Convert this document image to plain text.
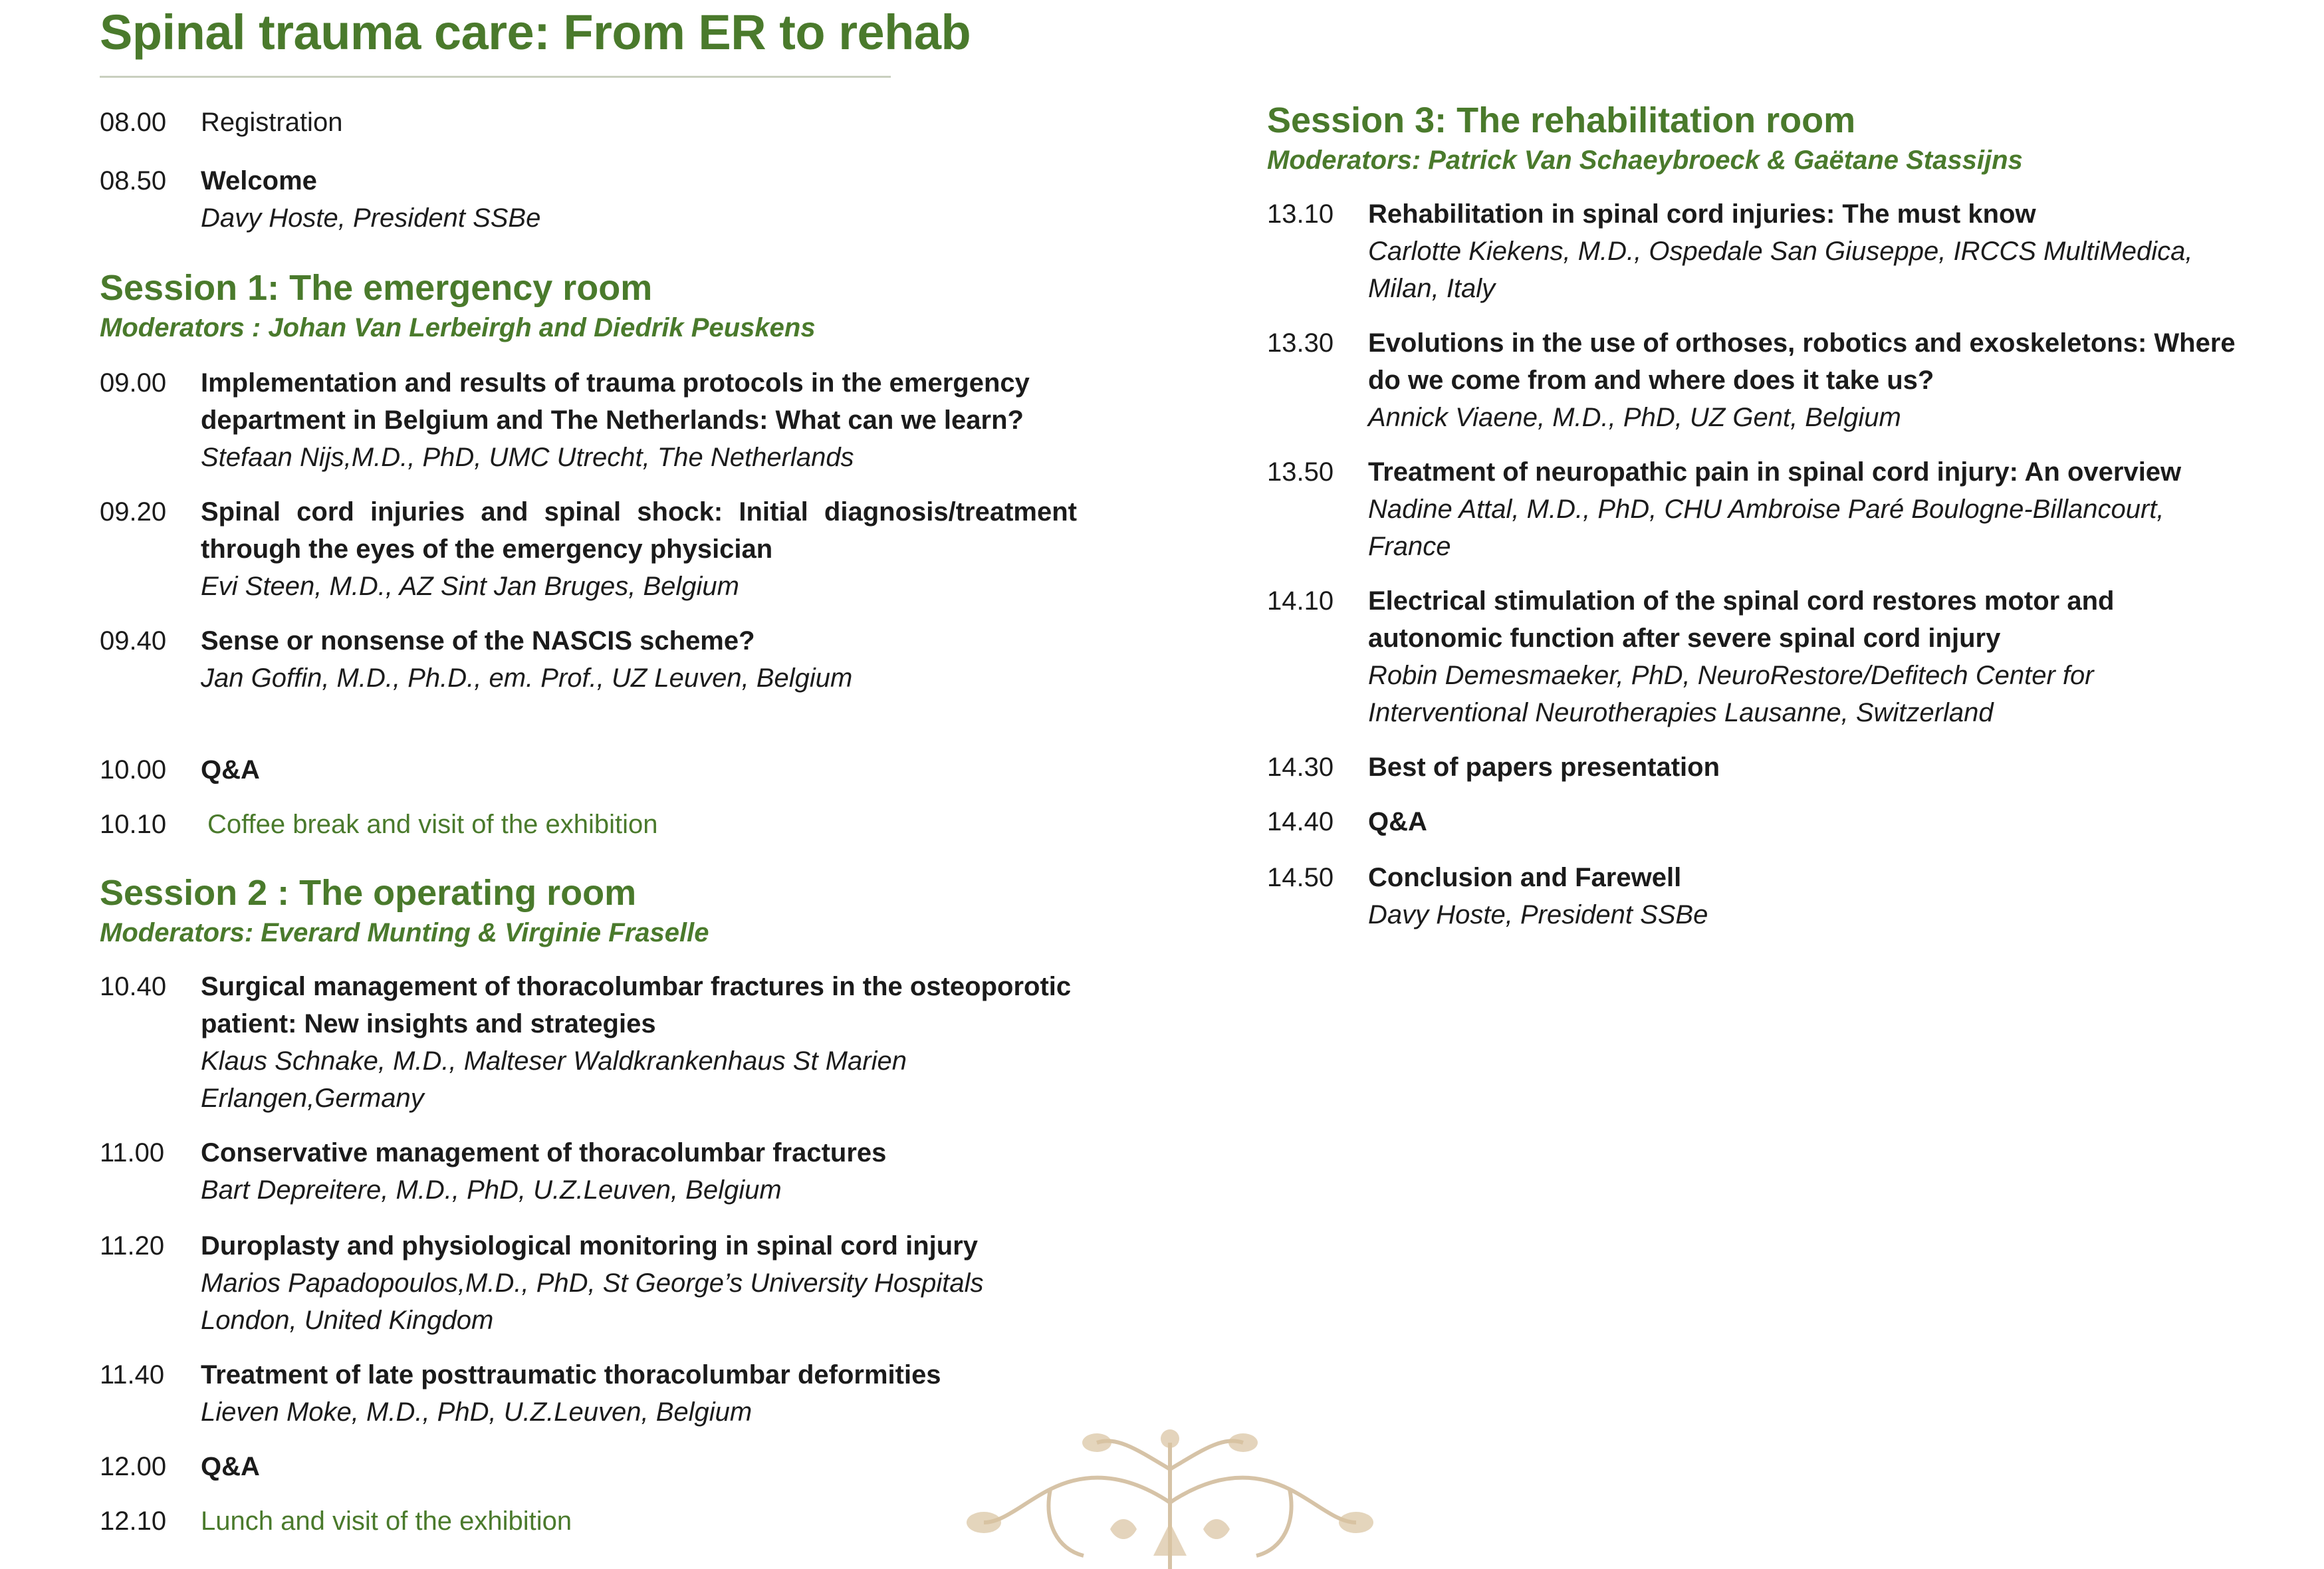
Spinal trauma care: From ER to rehab
08.00	Registration
08.50	Welcome
Davy Hoste, President SSBe
Session 1: The emergency room
Moderators : Johan Van Lerbeirgh and Diedrik Peuskens
09.00	Implementation and results of trauma protocols in the emergency department in Belgium and The Netherlands: What can we learn?
Stefaan Nijs,M.D., PhD, UMC Utrecht, The Netherlands
09.20	Spinal cord injuries and spinal shock: Initial diagnosis/treatment through the eyes of the emergency physician
Evi Steen, M.D., AZ Sint Jan Bruges, Belgium
09.40	Sense or nonsense of the NASCIS scheme?
Jan Goffin, M.D., Ph.D., em. Prof., UZ Leuven, Belgium
10.00	Q&A
10.10	Coffee break and visit of the exhibition
Session 2 : The operating room
Moderators: Everard Munting & Virginie Fraselle
10.40	Surgical management of thoracolumbar fractures in the osteoporotic patient: New insights and strategies
Klaus Schnake, M.D., Malteser Waldkrankenhaus St Marien Erlangen,Germany
11.00	Conservative management of thoracolumbar fractures
Bart Depreitere, M.D., PhD, U.Z.Leuven, Belgium
11.20	Duroplasty and physiological monitoring in spinal cord injury
Marios Papadopoulos,M.D., PhD, St George’s University Hospitals London, United Kingdom
11.40	Treatment of late posttraumatic thoracolumbar deformities
Lieven Moke, M.D., PhD, U.Z.Leuven, Belgium
12.00	Q&A
12.10	Lunch and visit of the exhibition
Session 3: The rehabilitation room
Moderators: Patrick Van Schaeybroeck & Gaëtane Stassijns
13.10	Rehabilitation in spinal cord injuries: The must know
Carlotte Kiekens, M.D., Ospedale San Giuseppe, IRCCS MultiMedica, Milan, Italy
13.30	Evolutions in the use of orthoses, robotics and exoskeletons: Where do we come from and where does it take us?
Annick Viaene, M.D., PhD, UZ Gent, Belgium
13.50	Treatment of neuropathic pain in spinal cord injury: An overview
Nadine Attal, M.D., PhD, CHU Ambroise Paré Boulogne-Billancourt, France
14.10	Electrical stimulation of the spinal cord restores motor and autonomic function after severe spinal cord injury
Robin Demesmaeker, PhD, NeuroRestore/Defitech Center for Interventional Neurotherapies Lausanne, Switzerland
14.30	Best of papers presentation
14.40	Q&A
14.50	Conclusion and Farewell
Davy Hoste, President SSBe
